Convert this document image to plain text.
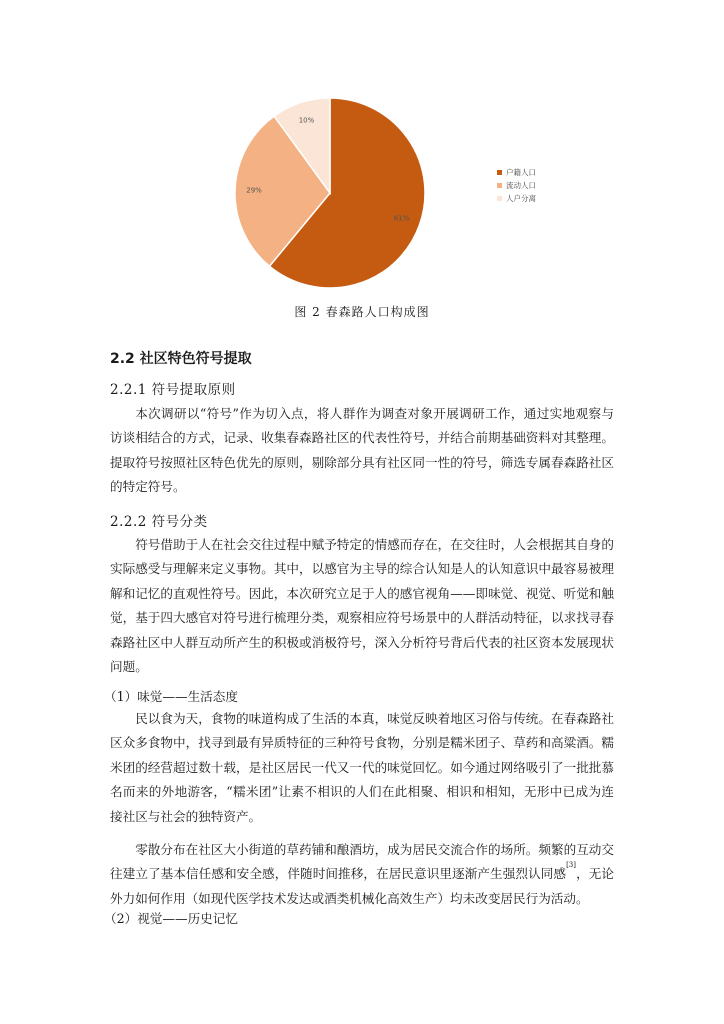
61%
29%
10%
户籍人口
流动人口
人户分离
图 2 春森路人口构成图
2.2 社区特色符号提取
2.2.1 符号提取原则

本次调研以“符号”作为切入点，将人群作为调查对象开展调研工作，通过实地观察与访谈相结合的方式，记录、收集春森路社区的代表性符号，并结合前期基础资料对其整理。提取符号按照社区特色优先的原则，剔除部分具有社区同一性的符号，筛选专属春森路社区的特定符号。

2.2.2 符号分类

符号借助于人在社会交往过程中赋予特定的情感而存在，在交往时，人会根据其自身的实际感受与理解来定义事物。其中，以感官为主导的综合认知是人的认知意识中最容易被理解和记忆的直观性符号。因此，本次研究立足于人的感官视角——即味觉、视觉、听觉和触觉，基于四大感官对符号进行梳理分类，观察相应符号场景中的人群活动特征，以求找寻春森路社区中人群互动所产生的积极或消极符号，深入分析符号背后代表的社区资本发展现状问题。

（1）味觉——生活态度

民以食为天，食物的味道构成了生活的本真，味觉反映着地区习俗与传统。在春森路社区众多食物中，找寻到最有异质特征的三种符号食物，分别是糯米团子、草药和高粱酒。糯米团的经营超过数十载，是社区居民一代又一代的味觉回忆。如今通过网络吸引了一批批慕名而来的外地游客，“糯米团”让素不相识的人们在此相聚、相识和相知，无形中已成为连接社区与社会的独特资产。

零散分布在社区大小街道的草药铺和酿酒坊，成为居民交流合作的场所。频繁的互动交往建立了基本信任感和安全感，伴随时间推移，在居民意识里逐渐产生强烈认同感[3]，无论外力如何作用（如现代医学技术发达或酒类机械化高效生产）均未改变居民行为活动。

（2）视觉——历史记忆
